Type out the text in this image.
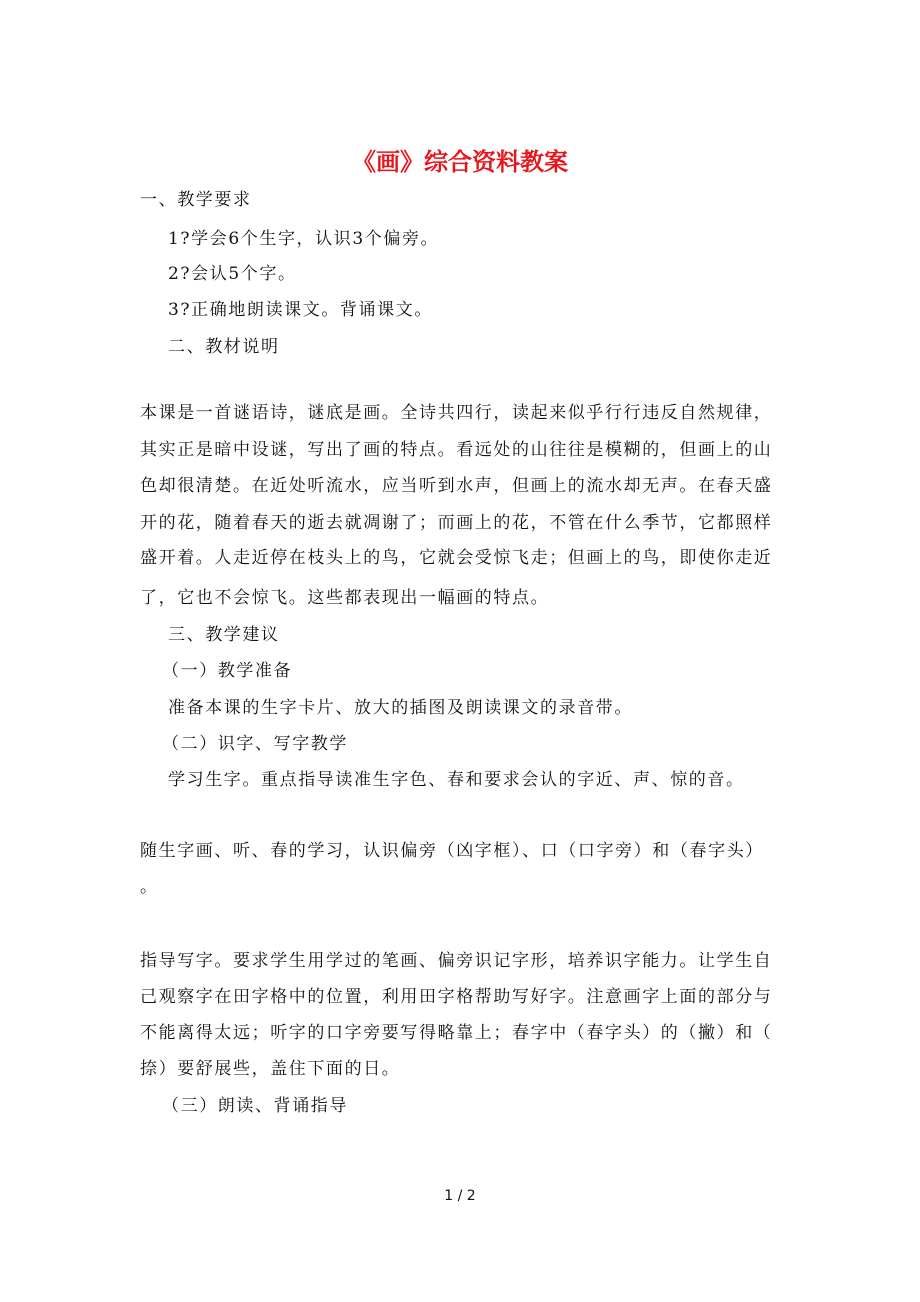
《画》综合资料教案
一、教学要求
1?学会6个生字，认识3个偏旁。
2?会认5个字。
3?正确地朗读课文。背诵课文。
二、教材说明
本课是一首谜语诗，谜底是画。全诗共四行，读起来似乎行行违反自然规律，
其实正是暗中设谜，写出了画的特点。看远处的山往往是模糊的，但画上的山
色却很清楚。在近处听流水，应当听到水声，但画上的流水却无声。在春天盛
开的花，随着春天的逝去就凋谢了；而画上的花，不管在什么季节，它都照样
盛开着。人走近停在枝头上的鸟，它就会受惊飞走；但画上的鸟，即使你走近
了，它也不会惊飞。这些都表现出一幅画的特点。
三、教学建议
（一）教学准备
准备本课的生字卡片、放大的插图及朗读课文的录音带。
（二）识字、写字教学
学习生字。重点指导读准生字色、春和要求会认的字近、声、惊的音。
随生字画、听、春的学习，认识偏旁（凶字框）、口（口字旁）和（春字头）
。
指导写字。要求学生用学过的笔画、偏旁识记字形，培养识字能力。让学生自
己观察字在田字格中的位置，利用田字格帮助写好字。注意画字上面的部分与
不能离得太远；听字的口字旁要写得略靠上；春字中（春字头）的（撇）和（
捺）要舒展些，盖住下面的日。
（三）朗读、背诵指导
1 / 2
